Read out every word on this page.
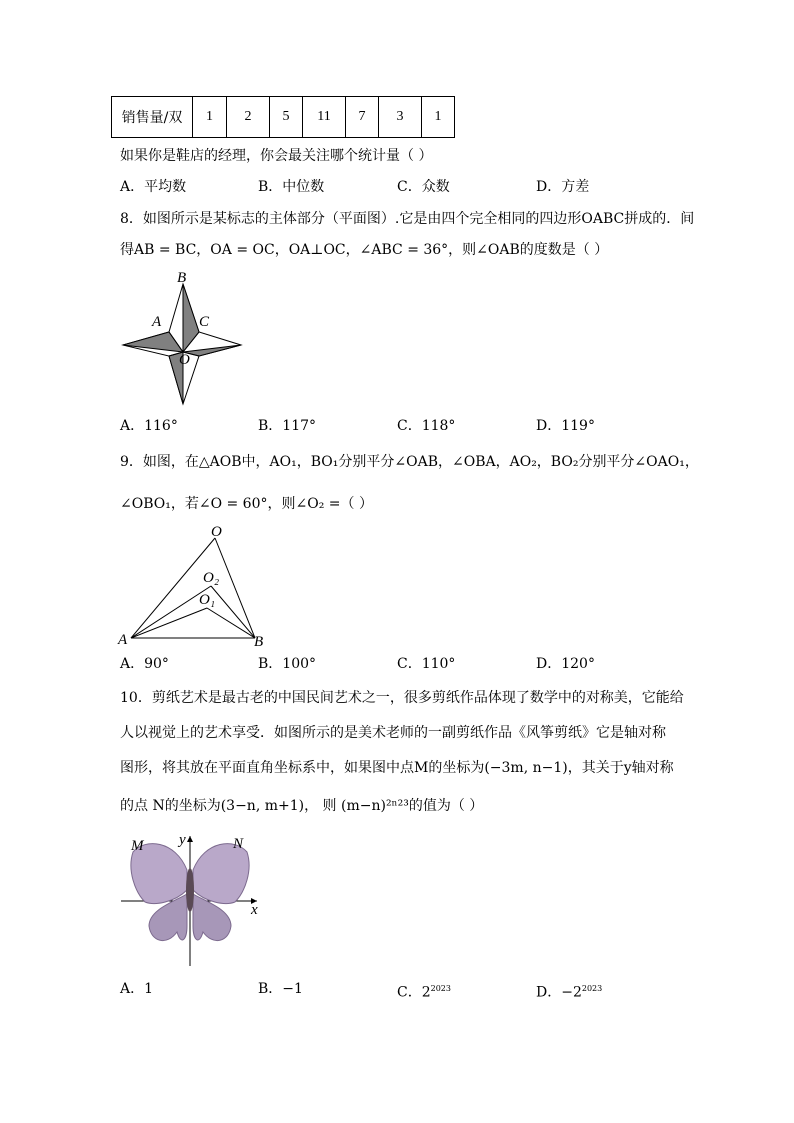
销售量/双	1	2	5	11	7	3	1
如果你是鞋店的经理，你会最关注哪个统计量（ ）
A．平均数	B．中位数	C．众数	D．方差
8．如图所示是某标志的主体部分（平面图）.它是由四个完全相同的四边形OABC拼成的．间
得AB = BC，OA = OC，OA⊥OC，∠ABC = 36°，则∠OAB的度数是（ ）
B
A	C
O
A．116°	B．117°	C．118°	D．119°
9．如图，在△AOB中，AO₁，BO₁分别平分∠OAB，∠OBA，AO₂，BO₂分别平分∠OAO₁，
∠OBO₁，若∠O = 60°，则∠O₂ =（ ）
O
O₂
O₁
A	B
A．90°	B．100°	C．110°	D．120°
10．剪纸艺术是最古老的中国民间艺术之一，很多剪纸作品体现了数学中的对称美，它能给
人以视觉上的艺术享受．如图所示的是美术老师的一副剪纸作品《风筝剪纸》它是轴对称
图形，将其放在平面直角坐标系中，如果图中点M的坐标为(−3m, n−1)，其关于y轴对称
的点 N的坐标为(3−n, m+1)， 则 (m−n)²ⁿ²³的值为（ ）
M	N
y
x
A．1	B．−1	C．$2^{2023}$	D．$-2^{2023}$
